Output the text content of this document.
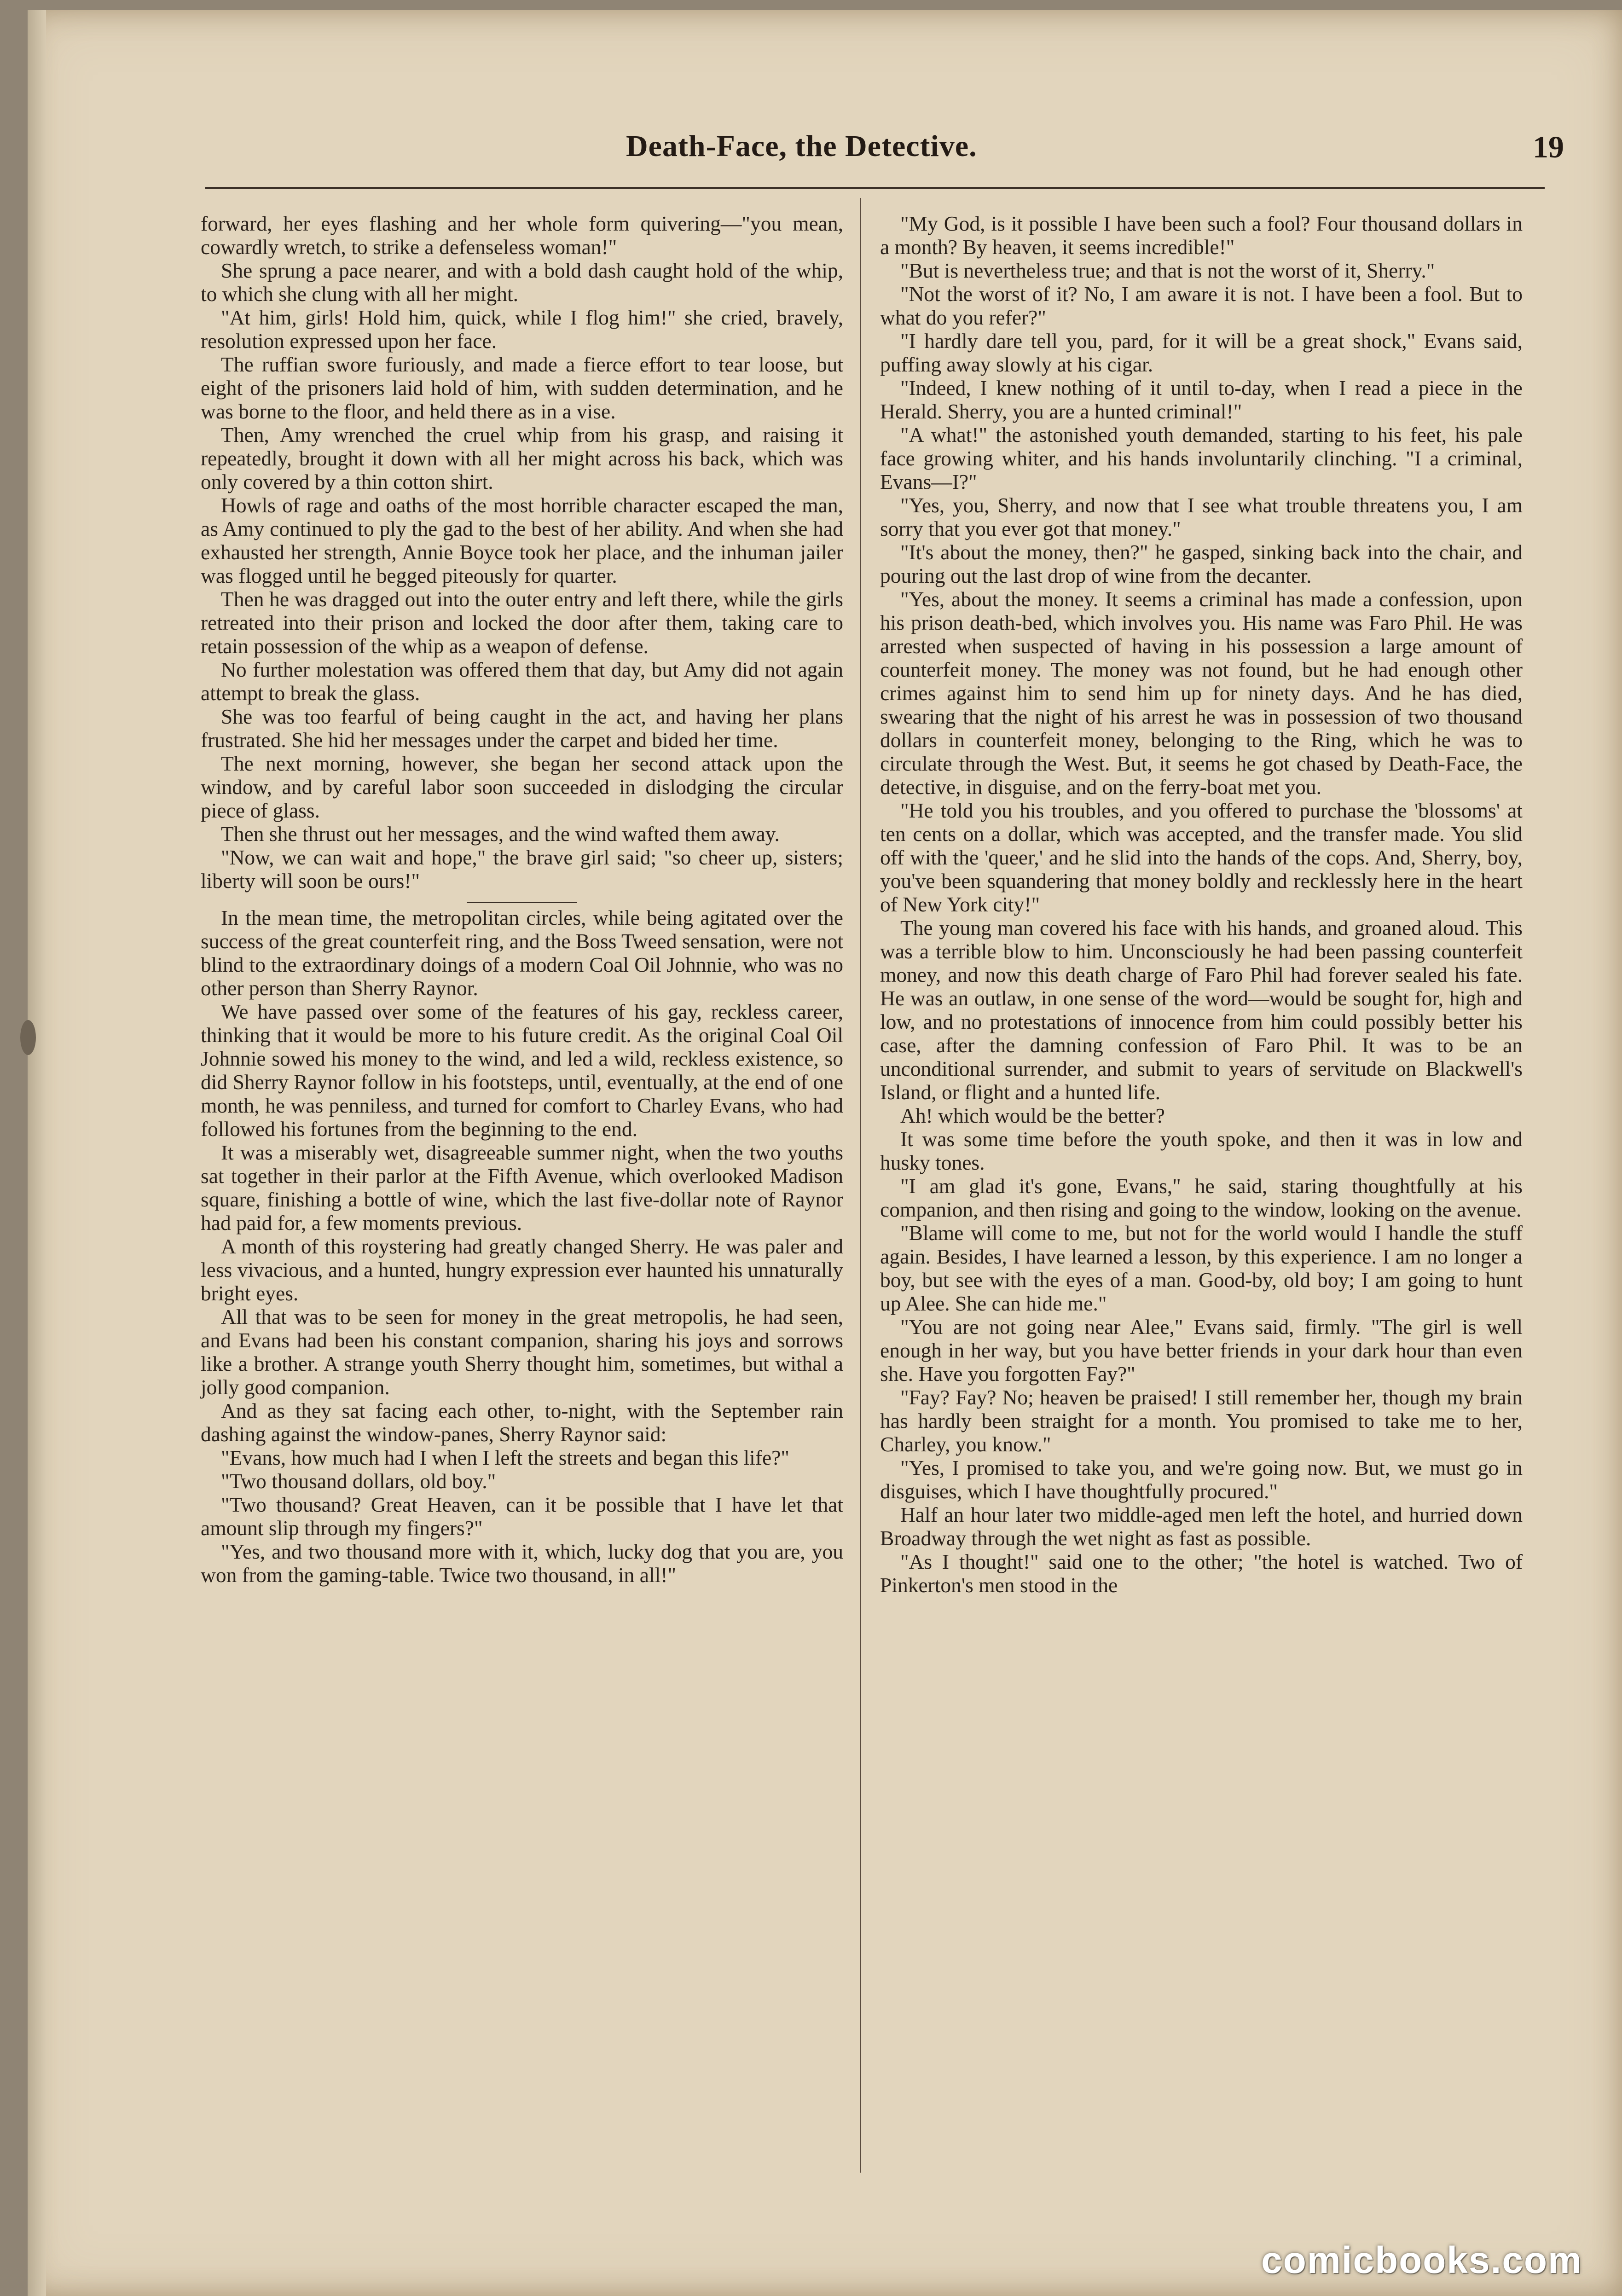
Death-Face, the Detective.	19

forward, her eyes flashing and her whole form quivering—"you mean, cowardly wretch, to strike a defenseless woman!"

She sprung a pace nearer, and with a bold dash caught hold of the whip, to which she clung with all her might.

"At him, girls! Hold him, quick, while I flog him!" she cried, bravely, resolution expressed upon her face.

The ruffian swore furiously, and made a fierce effort to tear loose, but eight of the prisoners laid hold of him, with sudden determination, and he was borne to the floor, and held there as in a vise.

Then, Amy wrenched the cruel whip from his grasp, and raising it repeatedly, brought it down with all her might across his back, which was only covered by a thin cotton shirt.

Howls of rage and oaths of the most horrible character escaped the man, as Amy continued to ply the gad to the best of her ability. And when she had exhausted her strength, Annie Boyce took her place, and the inhuman jailer was flogged until he begged piteously for quarter.

Then he was dragged out into the outer entry and left there, while the girls retreated into their prison and locked the door after them, taking care to retain possession of the whip as a weapon of defense.

No further molestation was offered them that day, but Amy did not again attempt to break the glass.

She was too fearful of being caught in the act, and having her plans frustrated. She hid her messages under the carpet and bided her time.

The next morning, however, she began her second attack upon the window, and by careful labor soon succeeded in dislodging the circular piece of glass.

Then she thrust out her messages, and the wind wafted them away.

"Now, we can wait and hope," the brave girl said; "so cheer up, sisters; liberty will soon be ours!"

In the mean time, the metropolitan circles, while being agitated over the success of the great counterfeit ring, and the Boss Tweed sensation, were not blind to the extraordinary doings of a modern Coal Oil Johnnie, who was no other person than Sherry Raynor.

We have passed over some of the features of his gay, reckless career, thinking that it would be more to his future credit. As the original Coal Oil Johnnie sowed his money to the wind, and led a wild, reckless existence, so did Sherry Raynor follow in his footsteps, until, eventually, at the end of one month, he was penniless, and turned for comfort to Charley Evans, who had followed his fortunes from the beginning to the end.

It was a miserably wet, disagreeable summer night, when the two youths sat together in their parlor at the Fifth Avenue, which overlooked Madison square, finishing a bottle of wine, which the last five-dollar note of Raynor had paid for, a few moments previous.

A month of this roystering had greatly changed Sherry. He was paler and less vivacious, and a hunted, hungry expression ever haunted his unnaturally bright eyes.

All that was to be seen for money in the great metropolis, he had seen, and Evans had been his constant companion, sharing his joys and sorrows like a brother. A strange youth Sherry thought him, sometimes, but withal a jolly good companion.

And as they sat facing each other, to-night, with the September rain dashing against the window-panes, Sherry Raynor said:

"Evans, how much had I when I left the streets and began this life?"

"Two thousand dollars, old boy."

"Two thousand? Great Heaven, can it be possible that I have let that amount slip through my fingers?"

"Yes, and two thousand more with it, which, lucky dog that you are, you won from the gaming-table. Twice two thousand, in all!"

"My God, is it possible I have been such a fool? Four thousand dollars in a month? By heaven, it seems incredible!"

"But is nevertheless true; and that is not the worst of it, Sherry."

"Not the worst of it? No, I am aware it is not. I have been a fool. But to what do you refer?"

"I hardly dare tell you, pard, for it will be a great shock," Evans said, puffing away slowly at his cigar.

"Indeed, I knew nothing of it until to-day, when I read a piece in the Herald. Sherry, you are a hunted criminal!"

"A what!" the astonished youth demanded, starting to his feet, his pale face growing whiter, and his hands involuntarily clinching. "I a criminal, Evans—I?"

"Yes, you, Sherry, and now that I see what trouble threatens you, I am sorry that you ever got that money."

"It's about the money, then?" he gasped, sinking back into the chair, and pouring out the last drop of wine from the decanter.

"Yes, about the money. It seems a criminal has made a confession, upon his prison death-bed, which involves you. His name was Faro Phil. He was arrested when suspected of having in his possession a large amount of counterfeit money. The money was not found, but he had enough other crimes against him to send him up for ninety days. And he has died, swearing that the night of his arrest he was in possession of two thousand dollars in counterfeit money, belonging to the Ring, which he was to circulate through the West. But, it seems he got chased by Death-Face, the detective, in disguise, and on the ferry-boat met you.

"He told you his troubles, and you offered to purchase the 'blossoms' at ten cents on a dollar, which was accepted, and the transfer made. You slid off with the 'queer,' and he slid into the hands of the cops. And, Sherry, boy, you've been squandering that money boldly and recklessly here in the heart of New York city!"

The young man covered his face with his hands, and groaned aloud. This was a terrible blow to him. Unconsciously he had been passing counterfeit money, and now this death charge of Faro Phil had forever sealed his fate. He was an outlaw, in one sense of the word—would be sought for, high and low, and no protestations of innocence from him could possibly better his case, after the damning confession of Faro Phil. It was to be an unconditional surrender, and submit to years of servitude on Blackwell's Island, or flight and a hunted life.

Ah! which would be the better?

It was some time before the youth spoke, and then it was in low and husky tones.

"I am glad it's gone, Evans," he said, staring thoughtfully at his companion, and then rising and going to the window, looking on the avenue.

"Blame will come to me, but not for the world would I handle the stuff again. Besides, I have learned a lesson, by this experience. I am no longer a boy, but see with the eyes of a man. Good-by, old boy; I am going to hunt up Alee. She can hide me."

"You are not going near Alee," Evans said, firmly. "The girl is well enough in her way, but you have better friends in your dark hour than even she. Have you forgotten Fay?"

"Fay? Fay? No; heaven be praised! I still remember her, though my brain has hardly been straight for a month. You promised to take me to her, Charley, you know."

"Yes, I promised to take you, and we're going now. But, we must go in disguises, which I have thoughtfully procured."

Half an hour later two middle-aged men left the hotel, and hurried down Broadway through the wet night as fast as possible.

"As I thought!" said one to the other; "the hotel is watched. Two of Pinkerton's men stood in the

comicbooks.com
